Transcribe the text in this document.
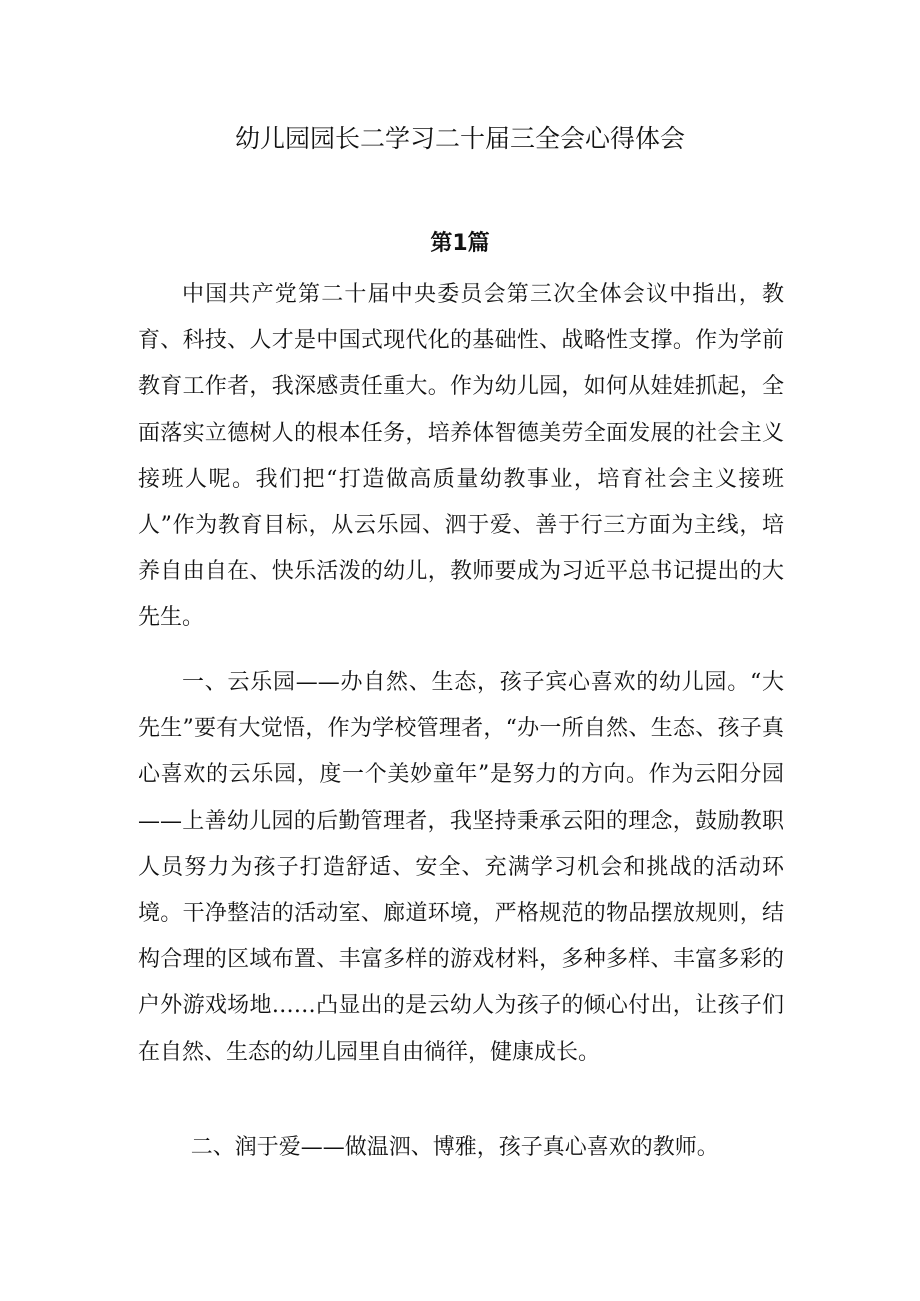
幼儿园园长二学习二十届三全会心得体会
第1篇

中国共产党第二十届中央委员会第三次全体会议中指出，教育、科技、人才是中国式现代化的基础性、战略性支撑。作为学前教育工作者，我深感责任重大。作为幼儿园，如何从娃娃抓起，全面落实立德树人的根本任务，培养体智德美劳全面发展的社会主义接班人呢。我们把“打造做高质量幼教事业，培育社会主义接班人”作为教育目标，从云乐园、泗于爱、善于行三方面为主线，培养自由自在、快乐活泼的幼儿，教师要成为习近平总书记提出的大先生。

一、云乐园——办自然、生态，孩子宾心喜欢的幼儿园。“大先生”要有大觉悟，作为学校管理者，“办一所自然、生态、孩子真心喜欢的云乐园，度一个美妙童年”是努力的方向。作为云阳分园——上善幼儿园的后勤管理者，我坚持秉承云阳的理念，鼓励教职人员努力为孩子打造舒适、安全、充满学习机会和挑战的活动环境。干净整洁的活动室、廊道环境，严格规范的物品摆放规则，结构合理的区域布置、丰富多样的游戏材料，多种多样、丰富多彩的户外游戏场地……凸显出的是云幼人为孩子的倾心付出，让孩子们在自然、生态的幼儿园里自由徜徉，健康成长。

二、润于爱——做温泗、博雅，孩子真心喜欢的教师。
